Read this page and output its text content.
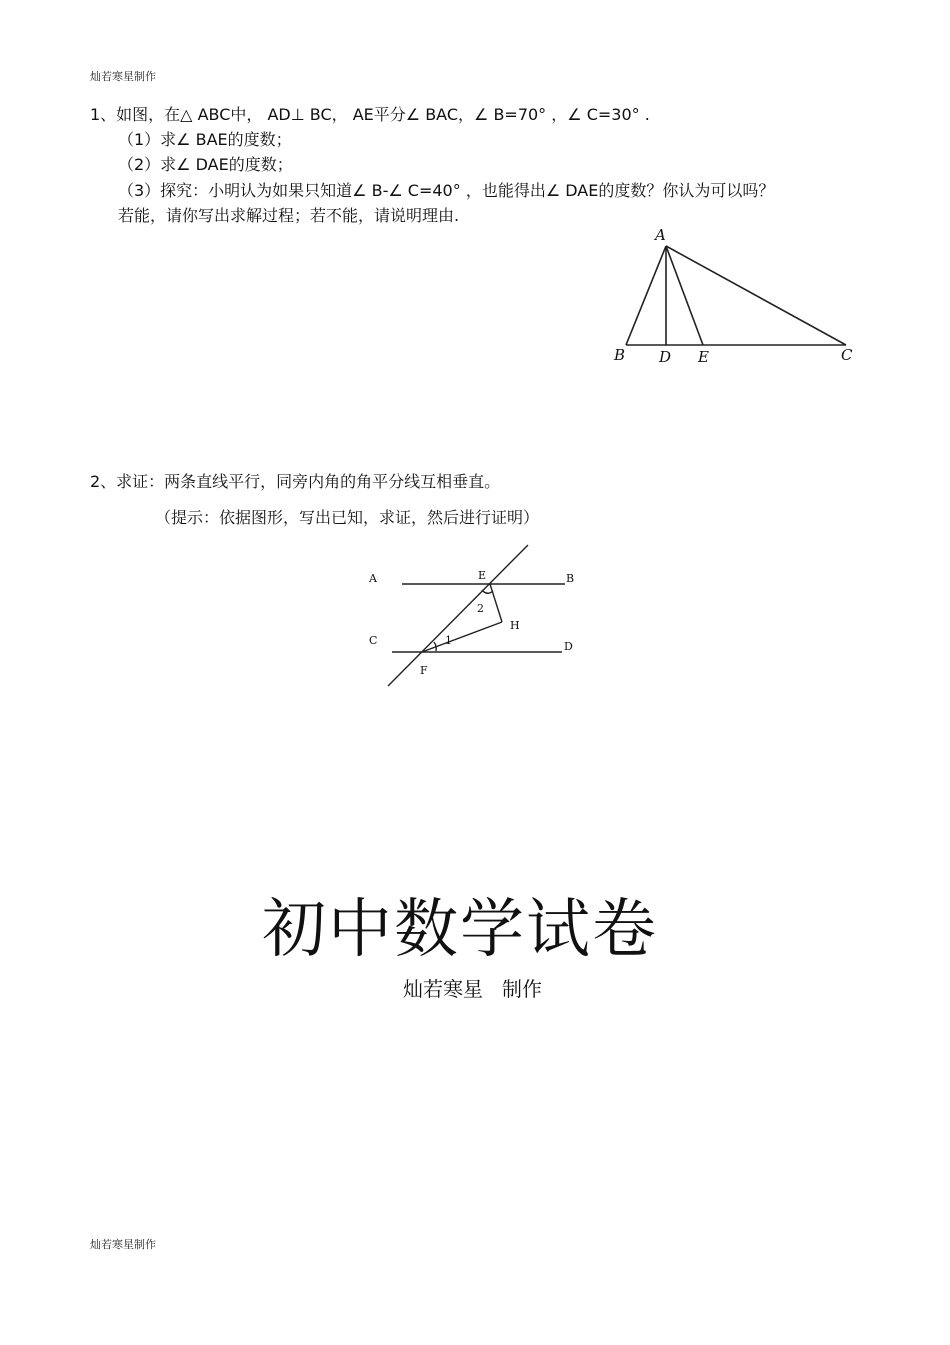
灿若寒星制作
1、如图，在△ ABC中， AD⊥ BC， AE平分∠ BAC，∠ B=70° ，∠ C=30° .
（1）求∠ BAE的度数；
（2）求∠ DAE的度数；
（3）探究：小明认为如果只知道∠ B-∠ C=40° ，也能得出∠ DAE的度数？你认为可以吗？
若能，请你写出求解过程；若不能，请说明理由.
A
B D E	C
2、求证：两条直线平行，同旁内角的角平分线互相垂直。
（提示：依据图形，写出已知，求证，然后进行证明）
A	E	B
2
H
C	1	D
F
初中数学试卷
灿若寒星   制作
灿若寒星制作
